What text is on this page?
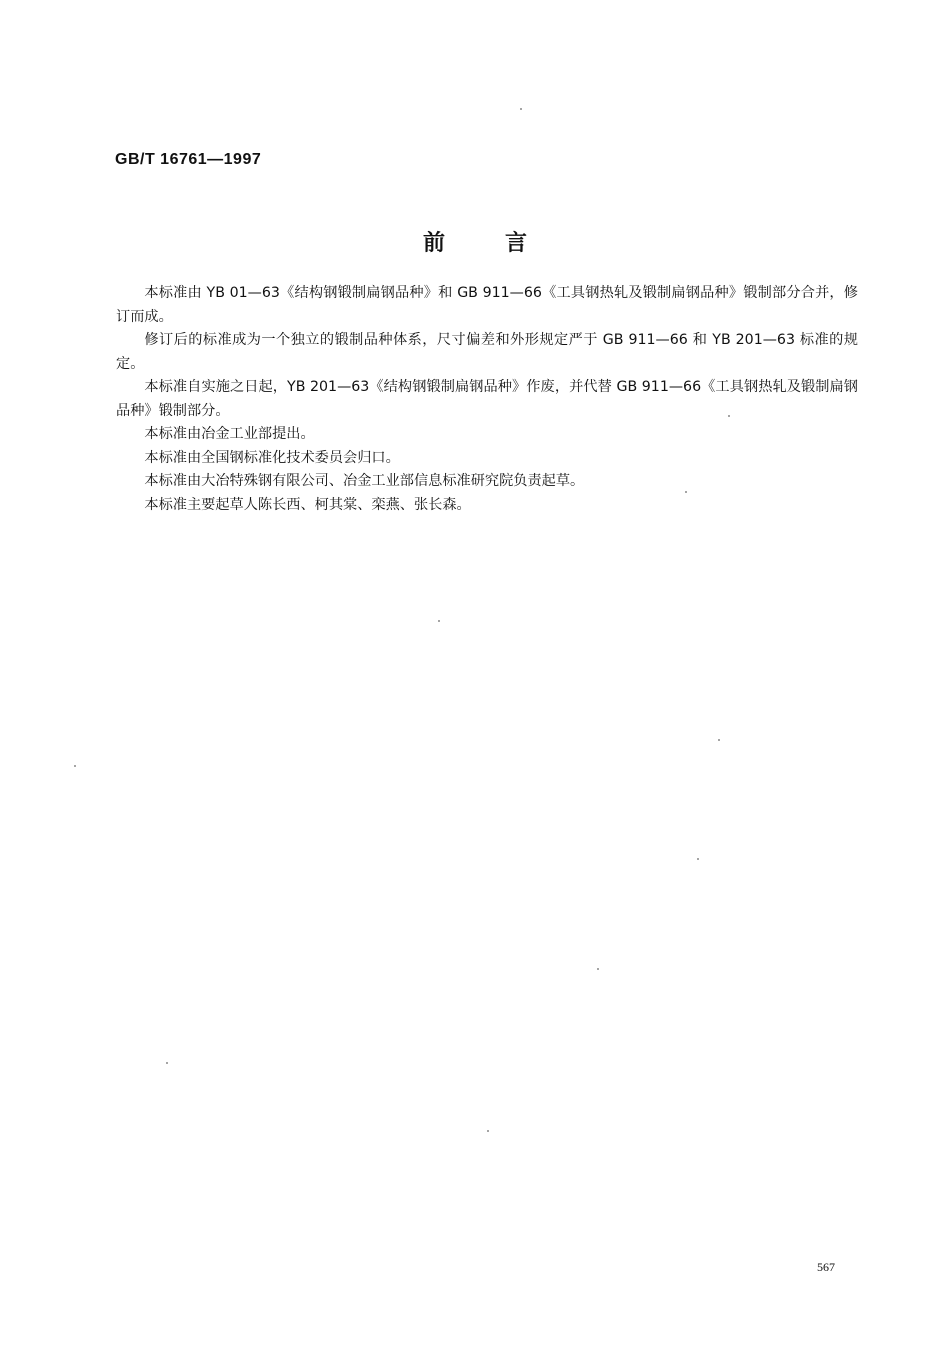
GB/T 16761—1997
前言

本标准由 YB 01—63《结构钢锻制扁钢品种》和 GB 911—66《工具钢热轧及锻制扁钢品种》锻制部分合并，修订而成。

修订后的标准成为一个独立的锻制品种体系，尺寸偏差和外形规定严于 GB 911—66 和 YB 201—63 标准的规定。

本标准自实施之日起，YB 201—63《结构钢锻制扁钢品种》作废，并代替 GB 911—66《工具钢热轧及锻制扁钢品种》锻制部分。

本标准由冶金工业部提出。

本标准由全国钢标准化技术委员会归口。

本标准由大冶特殊钢有限公司、冶金工业部信息标准研究院负责起草。

本标准主要起草人陈长西、柯其棠、栾燕、张长森。

567
